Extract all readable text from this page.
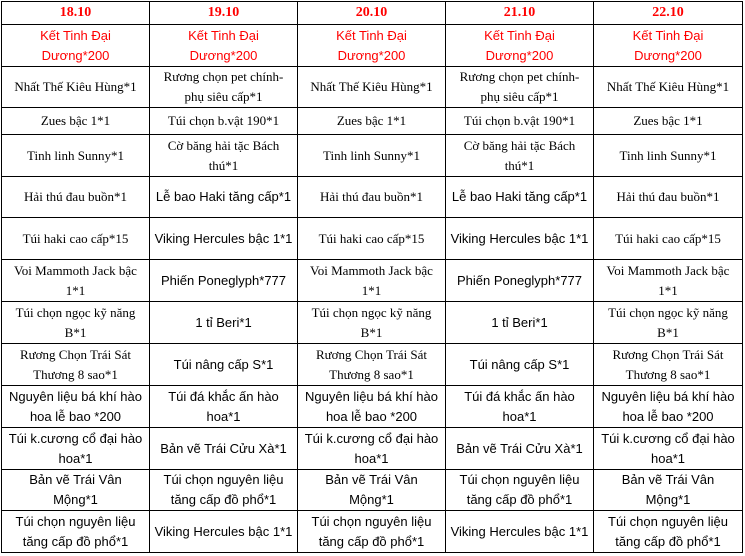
18.10	19.10	20.10	21.10	22.10
Kết Tinh Đại Dương*200	Kết Tinh Đại Dương*200	Kết Tinh Đại Dương*200	Kết Tinh Đại Dương*200	Kết Tinh Đại Dương*200
Nhất Thế Kiêu Hùng*1	Rương chọn pet chính-phụ siêu cấp*1	Nhất Thế Kiêu Hùng*1	Rương chọn pet chính-phụ siêu cấp*1	Nhất Thế Kiêu Hùng*1
Zues bậc 1*1	Túi chọn b.vật 190*1	Zues bậc 1*1	Túi chọn b.vật 190*1	Zues bậc 1*1
Tinh linh Sunny*1	Cờ băng hải tặc Bách thú*1	Tinh linh Sunny*1	Cờ băng hải tặc Bách thú*1	Tinh linh Sunny*1
Hải thú đau buồn*1	Lễ bao Haki tăng cấp*1	Hải thú đau buồn*1	Lễ bao Haki tăng cấp*1	Hải thú đau buồn*1
Túi haki cao cấp*15	Viking Hercules bậc 1*1	Túi haki cao cấp*15	Viking Hercules bậc 1*1	Túi haki cao cấp*15
Voi Mammoth Jack bậc 1*1	Phiến Poneglyph*777	Voi Mammoth Jack bậc 1*1	Phiến Poneglyph*777	Voi Mammoth Jack bậc 1*1
Túi chọn ngọc kỹ năng B*1	1 tỉ Beri*1	Túi chọn ngọc kỹ năng B*1	1 tỉ Beri*1	Túi chọn ngọc kỹ năng B*1
Rương Chọn Trái Sát Thương 8 sao*1	Túi nâng cấp S*1	Rương Chọn Trái Sát Thương 8 sao*1	Túi nâng cấp S*1	Rương Chọn Trái Sát Thương 8 sao*1
Nguyên liệu bá khí hào hoa lễ bao *200	Túi đá khắc ấn hào hoa*1	Nguyên liệu bá khí hào hoa lễ bao *200	Túi đá khắc ấn hào hoa*1	Nguyên liệu bá khí hào hoa lễ bao *200
Túi k.cương cổ đại hào hoa*1	Bản vẽ Trái Cửu Xà*1	Túi k.cương cổ đại hào hoa*1	Bản vẽ Trái Cửu Xà*1	Túi k.cương cổ đại hào hoa*1
Bản vẽ Trái Vân Mộng*1	Túi chọn nguyên liệu tăng cấp đồ phổ*1	Bản vẽ Trái Vân Mộng*1	Túi chọn nguyên liệu tăng cấp đồ phổ*1	Bản vẽ Trái Vân Mộng*1
Túi chọn nguyên liệu tăng cấp đồ phổ*1	Viking Hercules bậc 1*1	Túi chọn nguyên liệu tăng cấp đồ phổ*1	Viking Hercules bậc 1*1	Túi chọn nguyên liệu tăng cấp đồ phổ*1
